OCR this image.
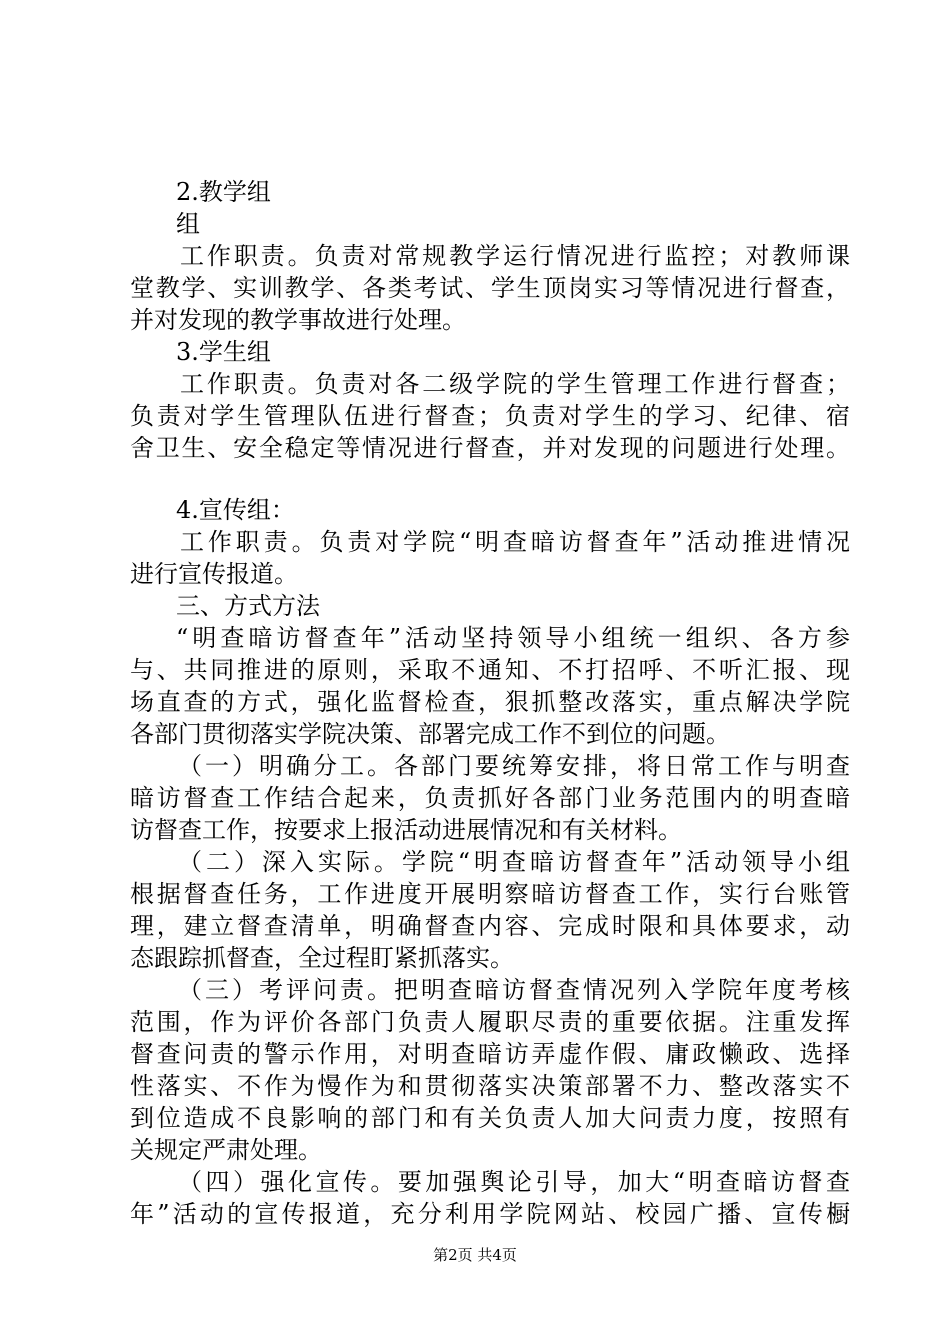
2.教学组
组
工作职责。负责对常规教学运行情况进行监控；对教师课
堂教学、实训教学、各类考试、学生顶岗实习等情况进行督查，
并对发现的教学事故进行处理。
3.学生组
工作职责。负责对各二级学院的学生管理工作进行督查；
负责对学生管理队伍进行督查；负责对学生的学习、纪律、宿
舍卫生、安全稳定等情况进行督查，并对发现的问题进行处理。
4.宣传组：
工作职责。负责对学院“明查暗访督查年”活动推进情况
进行宣传报道。
三、方式方法
“明查暗访督查年”活动坚持领导小组统一组织、各方参
与、共同推进的原则，采取不通知、不打招呼、不听汇报、现
场直查的方式，强化监督检查，狠抓整改落实，重点解决学院
各部门贯彻落实学院决策、部署完成工作不到位的问题。
（一）明确分工。各部门要统筹安排，将日常工作与明查
暗访督查工作结合起来，负责抓好各部门业务范围内的明查暗
访督查工作，按要求上报活动进展情况和有关材料。
（二）深入实际。学院“明查暗访督查年”活动领导小组
根据督查任务，工作进度开展明察暗访督查工作，实行台账管
理，建立督查清单，明确督查内容、完成时限和具体要求，动
态跟踪抓督查，全过程盯紧抓落实。
（三）考评问责。把明查暗访督查情况列入学院年度考核
范围，作为评价各部门负责人履职尽责的重要依据。注重发挥
督查问责的警示作用，对明查暗访弄虚作假、庸政懒政、选择
性落实、不作为慢作为和贯彻落实决策部署不力、整改落实不
到位造成不良影响的部门和有关负责人加大问责力度，按照有
关规定严肃处理。
（四）强化宣传。要加强舆论引导，加大“明查暗访督查
年”活动的宣传报道，充分利用学院网站、校园广播、宣传橱
第2页 共4页
